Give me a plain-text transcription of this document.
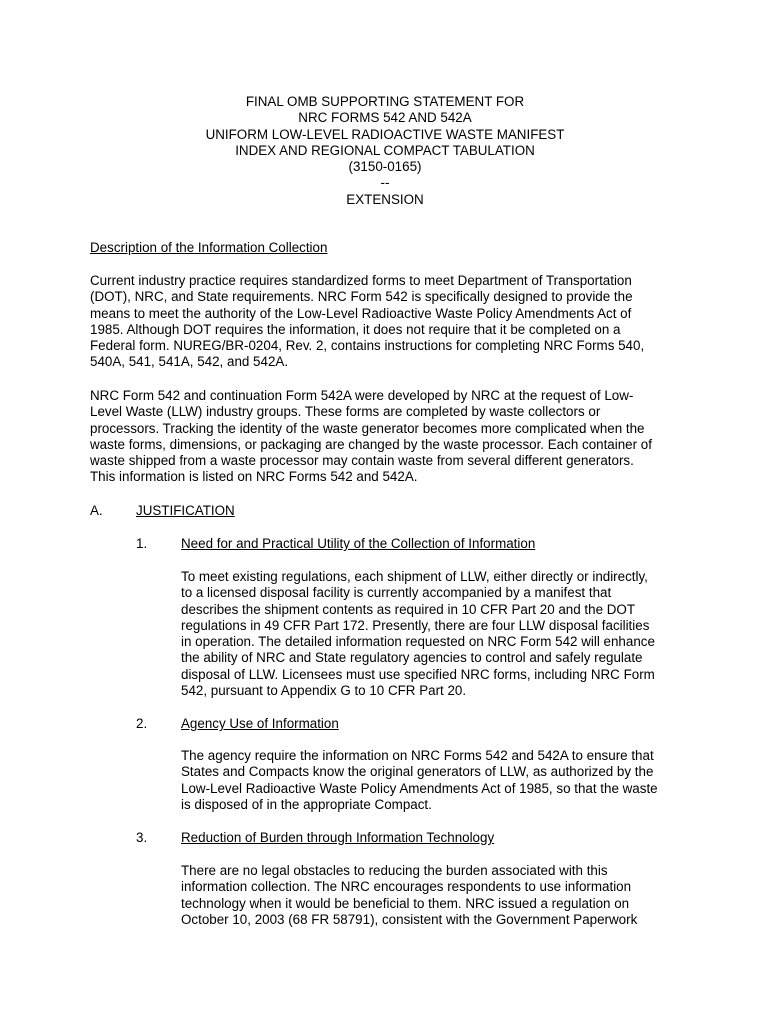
FINAL OMB SUPPORTING STATEMENT FOR
NRC FORMS 542 AND 542A
UNIFORM LOW-LEVEL RADIOACTIVE WASTE MANIFEST
INDEX AND REGIONAL COMPACT TABULATION
(3150-0165)
--
EXTENSION
Description of the Information Collection
Current industry practice requires standardized forms to meet Department of Transportation
(DOT), NRC, and State requirements. NRC Form 542 is specifically designed to provide the
means to meet the authority of the Low-Level Radioactive Waste Policy Amendments Act of
1985. Although DOT requires the information, it does not require that it be completed on a
Federal form. NUREG/BR-0204, Rev. 2, contains instructions for completing NRC Forms 540,
540A, 541, 541A, 542, and 542A.
NRC Form 542 and continuation Form 542A were developed by NRC at the request of Low-
Level Waste (LLW) industry groups. These forms are completed by waste collectors or
processors. Tracking the identity of the waste generator becomes more complicated when the
waste forms, dimensions, or packaging are changed by the waste processor. Each container of
waste shipped from a waste processor may contain waste from several different generators.
This information is listed on NRC Forms 542 and 542A.
A. JUSTIFICATION
1.	Need for and Practical Utility of the Collection of Information
To meet existing regulations, each shipment of LLW, either directly or indirectly,
to a licensed disposal facility is currently accompanied by a manifest that
describes the shipment contents as required in 10 CFR Part 20 and the DOT
regulations in 49 CFR Part 172. Presently, there are four LLW disposal facilities
in operation. The detailed information requested on NRC Form 542 will enhance
the ability of NRC and State regulatory agencies to control and safely regulate
disposal of LLW. Licensees must use specified NRC forms, including NRC Form
542, pursuant to Appendix G to 10 CFR Part 20.
2.	Agency Use of Information
The agency require the information on NRC Forms 542 and 542A to ensure that
States and Compacts know the original generators of LLW, as authorized by the
Low-Level Radioactive Waste Policy Amendments Act of 1985, so that the waste
is disposed of in the appropriate Compact.
3.	Reduction of Burden through Information Technology
There are no legal obstacles to reducing the burden associated with this
information collection. The NRC encourages respondents to use information
technology when it would be beneficial to them. NRC issued a regulation on
October 10, 2003 (68 FR 58791), consistent with the Government Paperwork
